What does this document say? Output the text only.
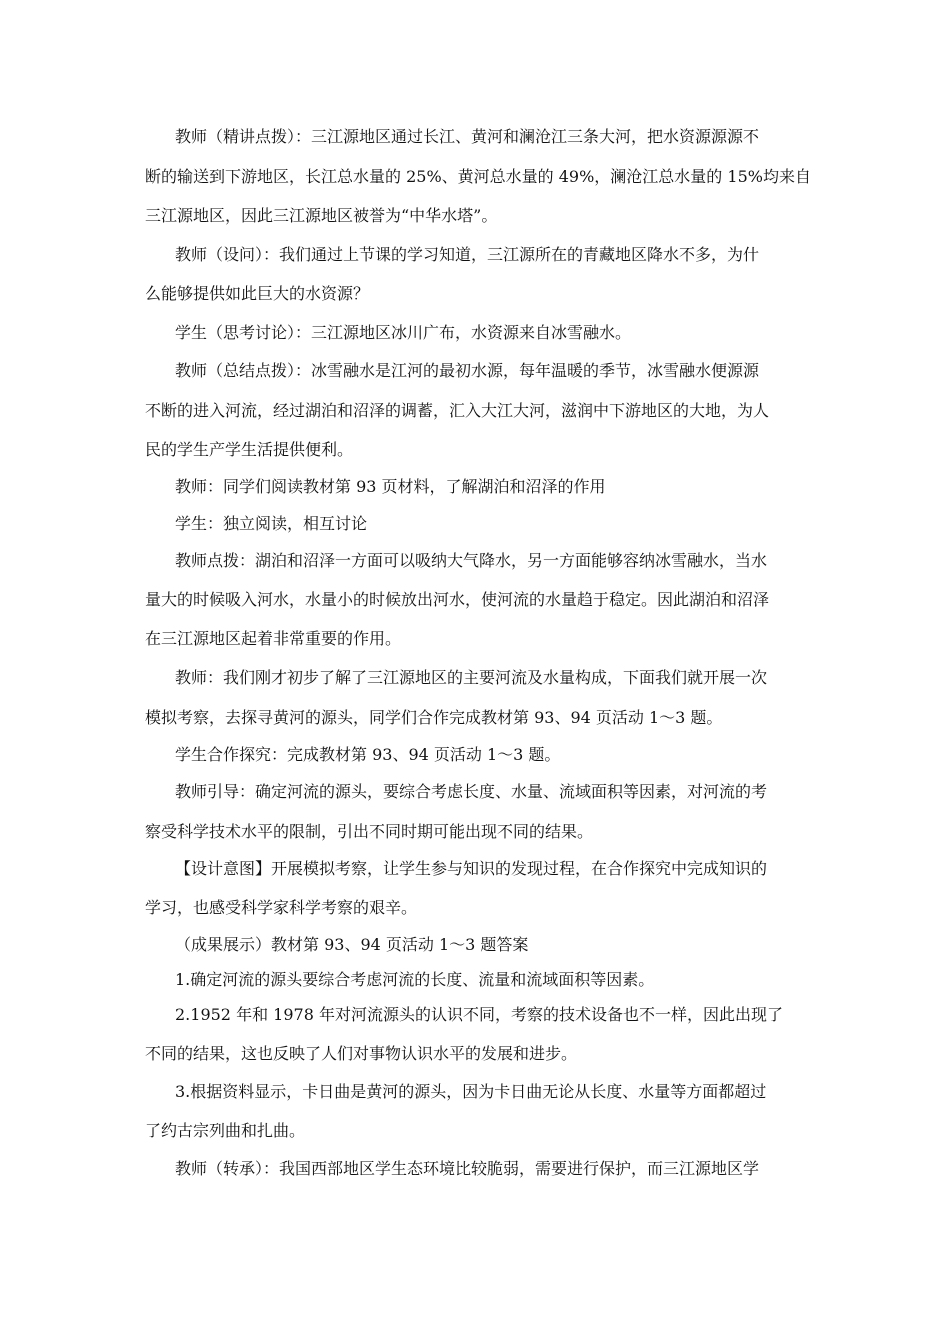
教师（精讲点拨）：三江源地区通过长江、黄河和澜沧江三条大河，把水资源源源不
断的输送到下游地区，长江总水量的 25%、黄河总水量的 49%，澜沧江总水量的 15%均来自
三江源地区，因此三江源地区被誉为“中华水塔”。
教师（设问）：我们通过上节课的学习知道，三江源所在的青藏地区降水不多，为什
么能够提供如此巨大的水资源？
学生（思考讨论）：三江源地区冰川广布，水资源来自冰雪融水。
教师（总结点拨）：冰雪融水是江河的最初水源，每年温暖的季节，冰雪融水便源源
不断的进入河流，经过湖泊和沼泽的调蓄，汇入大江大河，滋润中下游地区的大地，为人
民的学生产学生活提供便利。
教师：同学们阅读教材第 93 页材料，了解湖泊和沼泽的作用
学生：独立阅读，相互讨论
教师点拨：湖泊和沼泽一方面可以吸纳大气降水，另一方面能够容纳冰雪融水，当水
量大的时候吸入河水，水量小的时候放出河水，使河流的水量趋于稳定。因此湖泊和沼泽
在三江源地区起着非常重要的作用。
教师：我们刚才初步了解了三江源地区的主要河流及水量构成，下面我们就开展一次
模拟考察，去探寻黄河的源头，同学们合作完成教材第 93、94 页活动 1～3 题。
学生合作探究：完成教材第 93、94 页活动 1～3 题。
教师引导：确定河流的源头，要综合考虑长度、水量、流域面积等因素，对河流的考
察受科学技术水平的限制，引出不同时期可能出现不同的结果。
【设计意图】开展模拟考察，让学生参与知识的发现过程，在合作探究中完成知识的
学习，也感受科学家科学考察的艰辛。
（成果展示）教材第 93、94 页活动 1～3 题答案
1.确定河流的源头要综合考虑河流的长度、流量和流域面积等因素。
2.1952 年和 1978 年对河流源头的认识不同，考察的技术设备也不一样，因此出现了
不同的结果，这也反映了人们对事物认识水平的发展和进步。
3.根据资料显示，卡日曲是黄河的源头，因为卡日曲无论从长度、水量等方面都超过
了约古宗列曲和扎曲。
教师（转承）：我国西部地区学生态环境比较脆弱，需要进行保护，而三江源地区学
